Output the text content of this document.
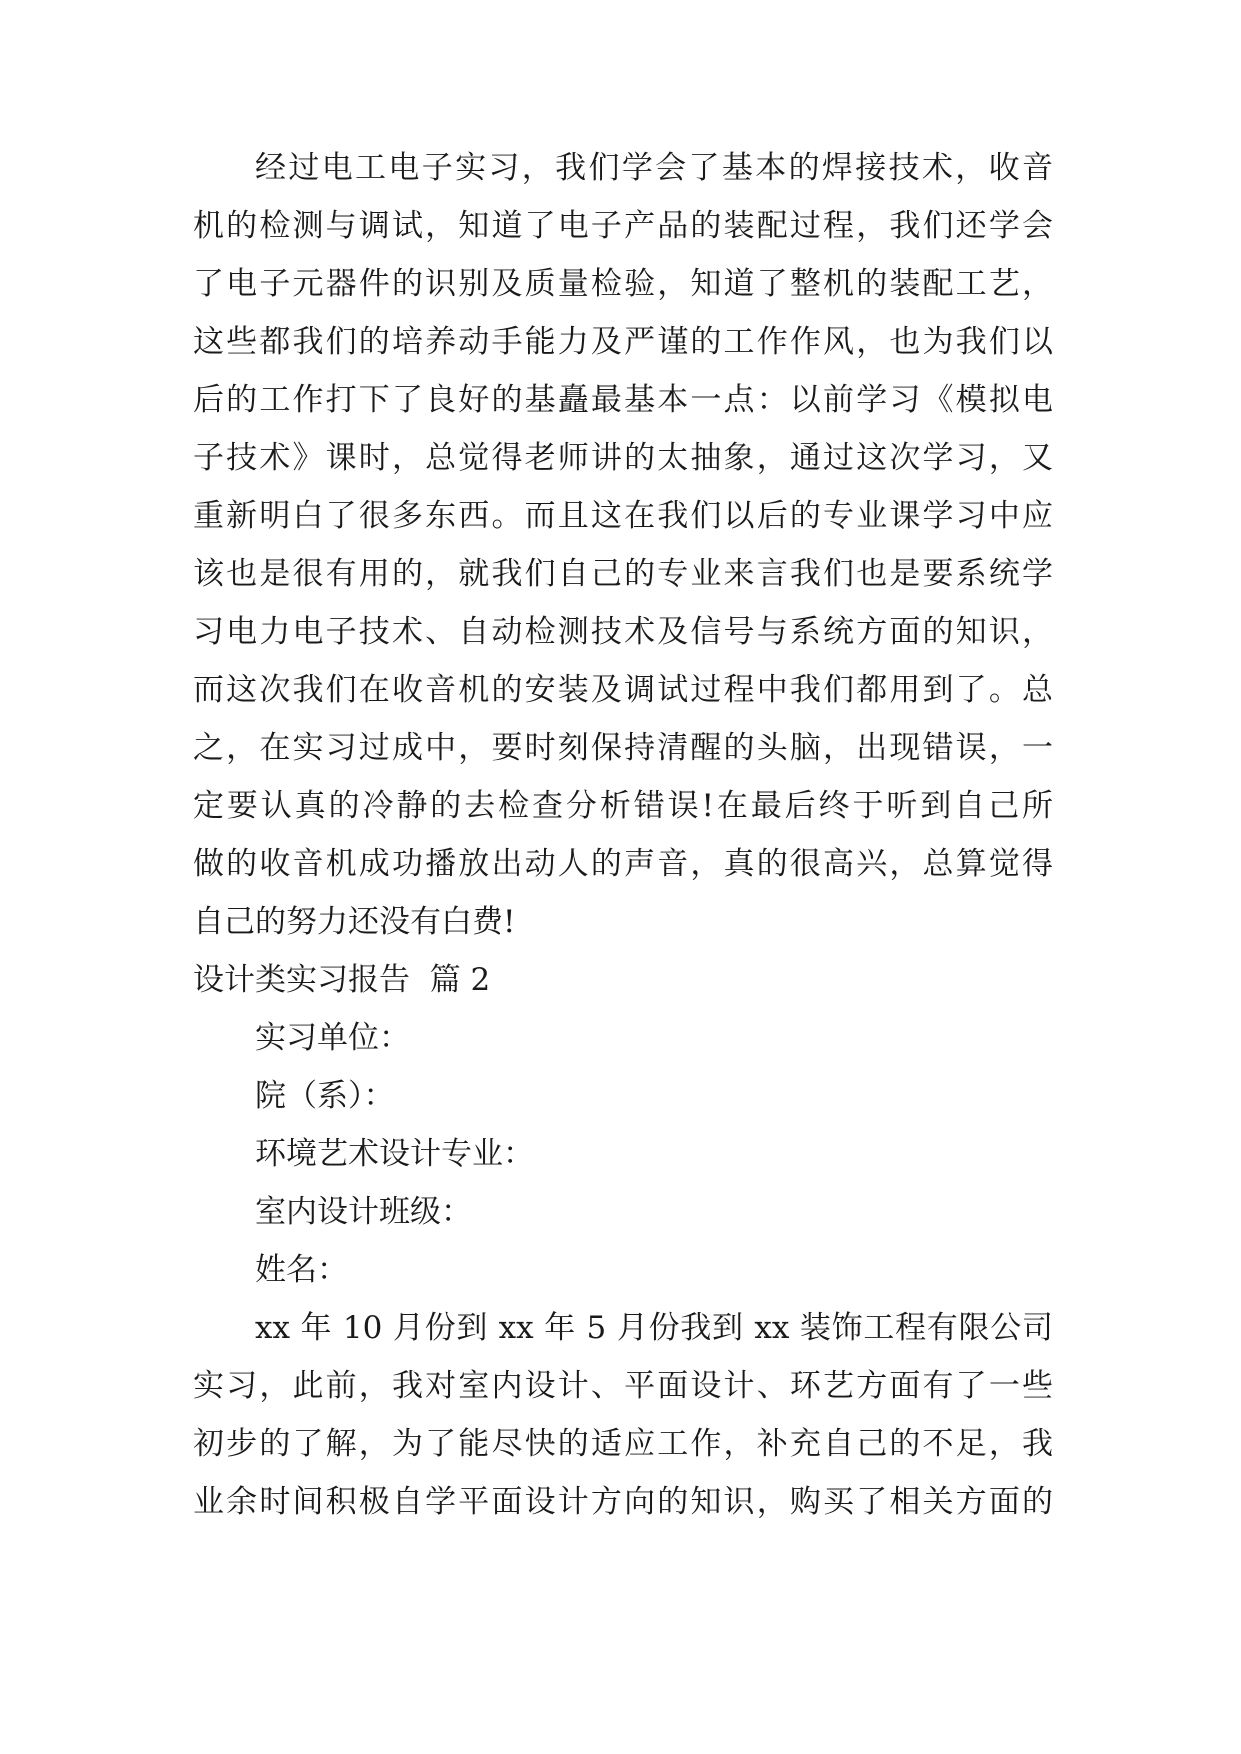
经过电工电子实习，我们学会了基本的焊接技术，收音
机的检测与调试，知道了电子产品的装配过程，我们还学会
了电子元器件的识别及质量检验，知道了整机的装配工艺，
这些都我们的培养动手能力及严谨的工作作风，也为我们以
后的工作打下了良好的基矗最基本一点：以前学习《模拟电
子技术》课时，总觉得老师讲的太抽象，通过这次学习，又
重新明白了很多东西。而且这在我们以后的专业课学习中应
该也是很有用的，就我们自己的专业来言我们也是要系统学
习电力电子技术、自动检测技术及信号与系统方面的知识，
而这次我们在收音机的安装及调试过程中我们都用到了。总
之，在实习过成中，要时刻保持清醒的头脑，出现错误，一
定要认真的冷静的去检查分析错误!在最后终于听到自己所
做的收音机成功播放出动人的声音，真的很高兴，总算觉得
自己的努力还没有白费!
设计类实习报告  篇 2
实习单位：
院（系）：
环境艺术设计专业：
室内设计班级：
姓名：
xx 年 10 月份到 xx 年 5 月份我到 xx 装饰工程有限公司
实习，此前，我对室内设计、平面设计、环艺方面有了一些
初步的了解，为了能尽快的适应工作，补充自己的不足，我
业余时间积极自学平面设计方向的知识，购买了相关方面的
